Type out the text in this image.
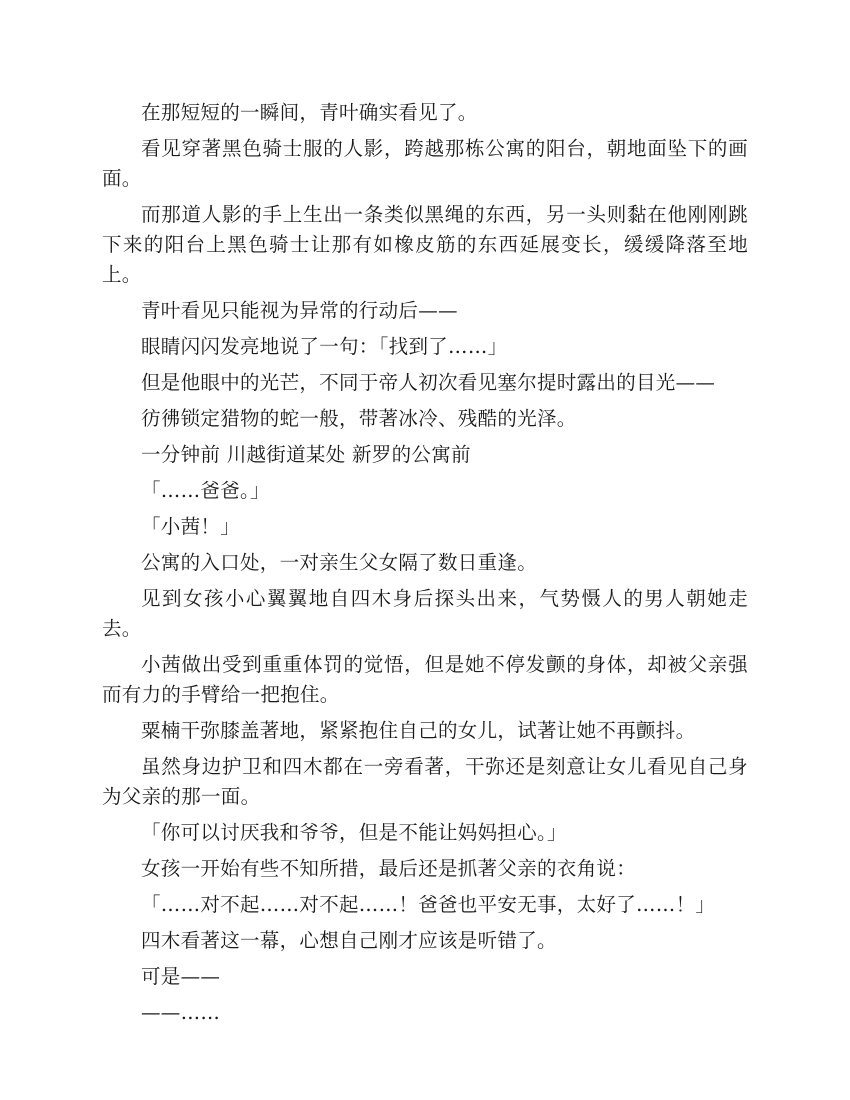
在那短短的一瞬间，青叶确实看见了。

看见穿著黑色骑士服的人影，跨越那栋公寓的阳台，朝地面坠下的画面。

而那道人影的手上生出一条类似黑绳的东西，另一头则黏在他刚刚跳下来的阳台上黑色骑士让那有如橡皮筋的东西延展变长，缓缓降落至地上。

青叶看见只能视为异常的行动后——

眼睛闪闪发亮地说了一句：「找到了……」

但是他眼中的光芒，不同于帝人初次看见塞尔提时露出的目光——

彷彿锁定猎物的蛇一般，带著冰冷、残酷的光泽。

一分钟前 川越街道某处 新罗的公寓前

「……爸爸。」

「小茜！」

公寓的入口处，一对亲生父女隔了数日重逢。

见到女孩小心翼翼地自四木身后探头出来，气势慑人的男人朝她走去。

小茜做出受到重重体罚的觉悟，但是她不停发颤的身体，却被父亲强而有力的手臂给一把抱住。

粟楠干弥膝盖著地，紧紧抱住自己的女儿，试著让她不再颤抖。

虽然身边护卫和四木都在一旁看著，干弥还是刻意让女儿看见自己身为父亲的那一面。

「你可以讨厌我和爷爷，但是不能让妈妈担心。」

女孩一开始有些不知所措，最后还是抓著父亲的衣角说：

「……对不起……对不起……！爸爸也平安无事，太好了……！」

四木看著这一幕，心想自己刚才应该是听错了。

可是——

——……
